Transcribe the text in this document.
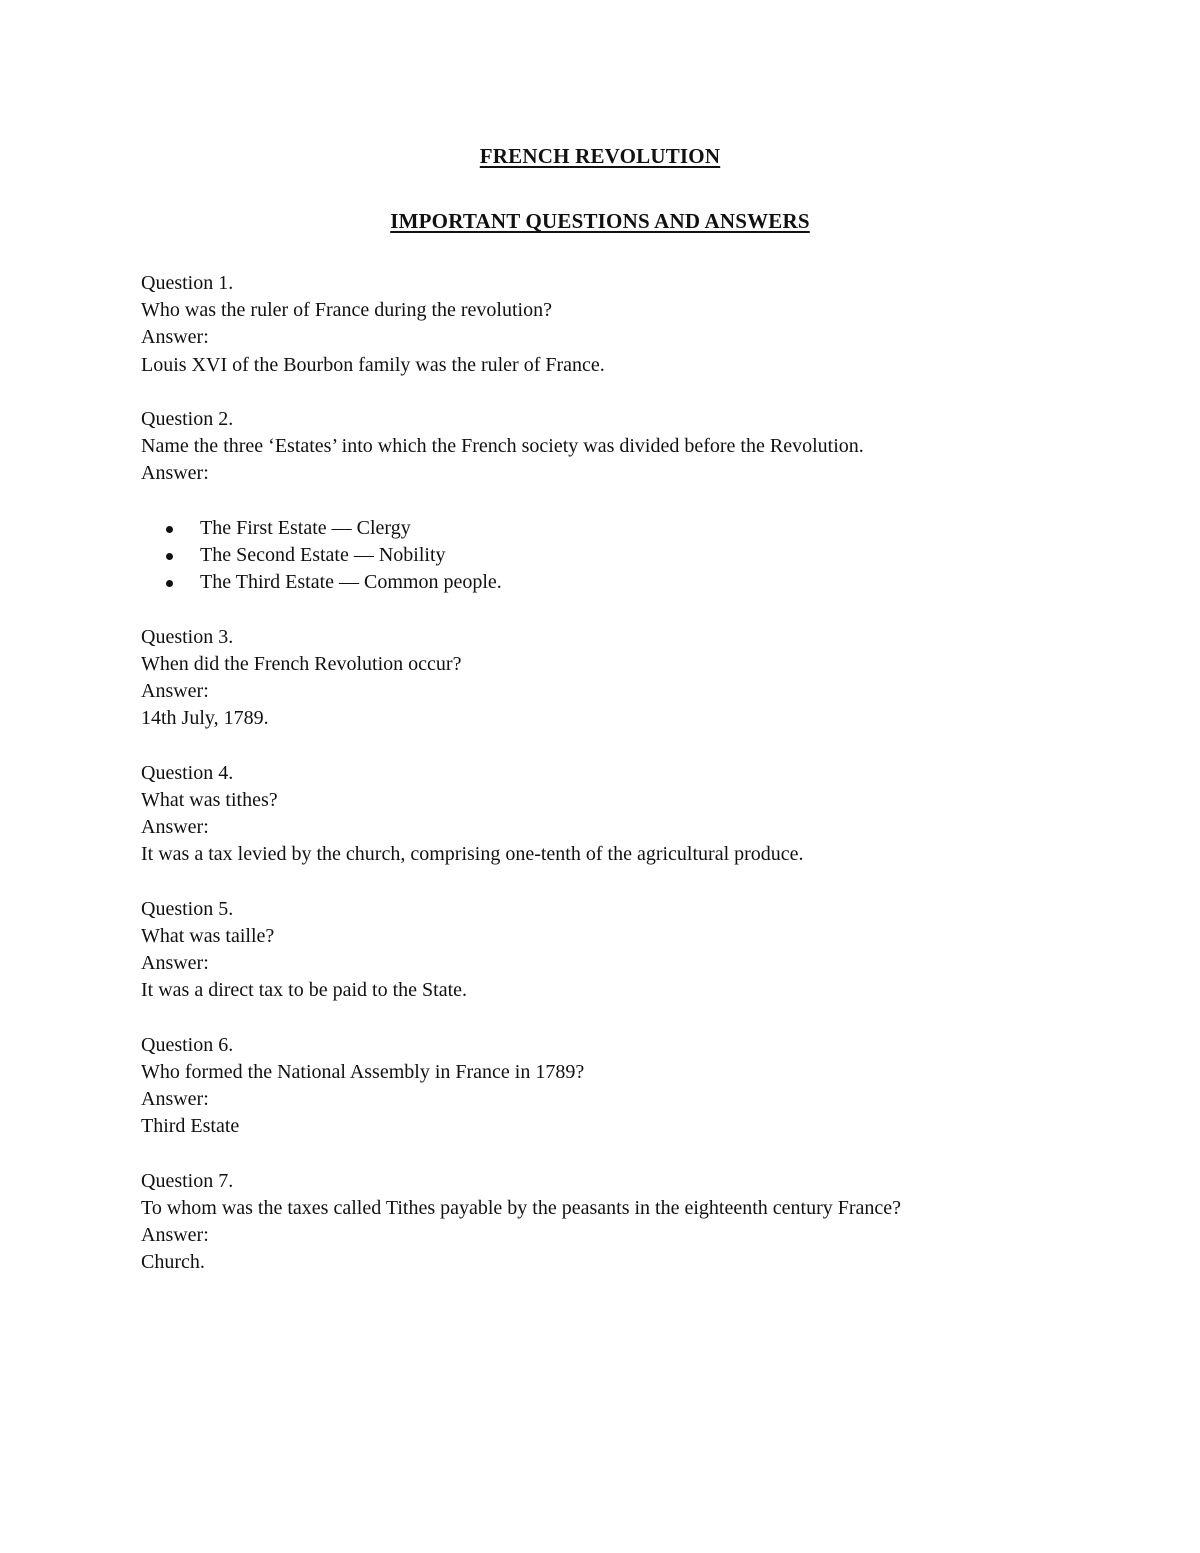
FRENCH REVOLUTION
IMPORTANT QUESTIONS AND ANSWERS
Question 1.
Who was the ruler of France during the revolution?
Answer:
Louis XVI of the Bourbon family was the ruler of France.
Question 2.
Name the three ‘Estates’ into which the French society was divided before the Revolution.
Answer:
The First Estate — Clergy
The Second Estate — Nobility
The Third Estate — Common people.
Question 3.
When did the French Revolution occur?
Answer:
14th July, 1789.
Question 4.
What was tithes?
Answer:
It was a tax levied by the church, comprising one-tenth of the agricultural produce.
Question 5.
What was taille?
Answer:
It was a direct tax to be paid to the State.
Question 6.
Who formed the National Assembly in France in 1789?
Answer:
Third Estate
Question 7.
To whom was the taxes called Tithes payable by the peasants in the eighteenth century France?
Answer:
Church.
